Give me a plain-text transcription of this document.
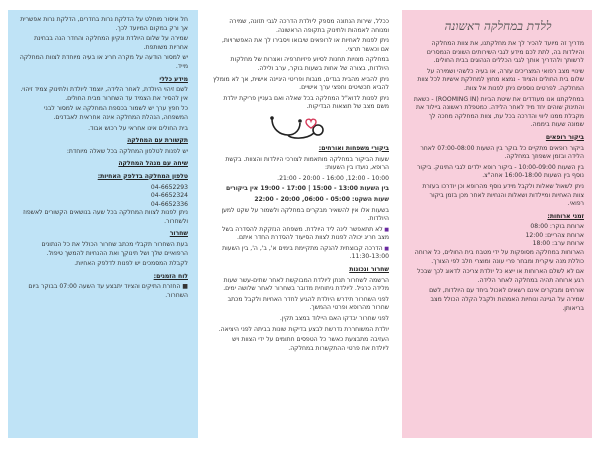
חל איסור מוחלט על הדלקת נרות בחדרים, הדלקת נרות אפשרית אך ורק במקום המיועד לכך.

שמירה על שלום היולדת ונקיון המחלקה והחדר הנה בבחינת אחריות משותפת.

יש למסור הודעה על מקרה חריג או בעיה מיוחדת לצוות המחלקה מייד.

מידע כללי

לשם זיהוי היולדת, לאחר הלידה, יוצמד ליולדת ולתינוק צמיד זיהוי. אין להסיר את הצמיד עד השחרור מבית החולים.

כל חפץ ערך יש לשמור בכספת המחלקה או למסור לבני המשפחה, הנהלת המחלקה אינה אחראית לאבדנים.

בית החולים אינו אחראי על רכוש אבוד.

תקשורת עם המחלקה

יש לפנות לטלפון המחלקה בכל שאלה מיוחדת:

שיחה עם מנהל המחלקה

טלפון המחלקה בדלפק האחיות:

04-6652293

04-6652324

04-6652336

ניתן לפנות לצוות המחלקה בכל שעה בנושאים הקשורים לאשפוז ולשחרור.

שחרור

בעת השחרור תקבלי מכתב שחרור הכולל את כל הנתונים הרפואיים שלך ושל תינוקך ואת ההנחיות להמשך טיפול.

לקבלת המסמכים יש לפנות לדלפק האחיות.

לוח הזמנים:

■ החזרת התיקים והציוד יתבצע עד השעה 07:00 בבוקר ביום השחרור.

ככלל, שירות הנתונה מספק ליולדת הדרכה לגבי תזונה, שמירה ומנוחה לאמהות ולתינוק בתקופה הראשונה.

ניתן לפנות לאחיות או לרופאים שיבואו ויסבירו לך את האפשרויות, אם וכאשר תרצי.

במחלקה מצויות תחנות לסיוע פיזיותרפיה ואצרות של מחלקות היולדות, בצורה של אחות בשעות בוקר, ערב ולילה.

ניתן להביא מהבית בגדים, מגבות ופריטי היגיינה אישית, אך לא מומלץ להביא תכשיטים וחפצי ערך אישיים.

ניתן לפנות לדוא"ל המחלקה בכל שאלה ואם בעניין פריקת יולדת משם מצב של תוצאות הבדיקות.

ביקורי משפחות ואורחים:

שעות הביקור במחלקה מותאמות לצורכי היולדות והצוות. בקשת הרופא, נועדו בין השעות:

10:00 - 12:00, 16:00 - 20:00 - 21:00.

בין השעות 13:00 - 15:00 | 17:00 - 19:00 אין ביקורים

שעות השקט: 05:00 - 06:00, 20:00 - 22:00

בשעות אלו אין להשאיר מבקרים במחלקה ולשמור על שקט למען היולדות.

■ לא תתאפשר לינה ליד היולדת. משפחה הנזקקת להסדרה בשל מצב חריג יכולה לפנות לצוות הסיעוד להסדרת החדר איתם.

■ הדרכה קבוצתית להנקה מתקיימת בימים א', ב', ה', בין השעות 11:30-13:00.

שחרור ונכונות

הרשמה לשחרור תנתן ליולדת המבוקשת לאחר שתים-עשר שעות מלידה כרגיל. ליולדת ניתוחית מדובר בשחרור לאחר שלושה ימים.

לפני השחרור תידרש היולדת להגיע לחדר האחיות ולקבל מכתב שחרור מהרופא ופרטי ההמשך.

לפני שחרור יבדקו האם היילוד במצב תקין.

יולדת המשוחררת נדרשת לבצע בדיקות שונות בביתה לפני היציאה.

העזיבה מתבצעת כאשר כל הטפסים חתומים על ידי הצוות ויש ליולדת את פרטי ההתקשרות במחלקה.

ללדת במחלקה ראשונה

מדריך זה מיועד להכיר לך את מחלקתנו, את צוות המחלקה והיולדות בה, לתת לכם מידע לגבי השירותים השונים הנמסרים לרשותך ולהדריך אותך לגבי הכללים הנהוגים בבית החולים.

שינויי מצב רפואי המצריכים עזרה, או בעיה כלשהי ושמירה על שלום בית החולים והציוד - נמצא מחוץ למחלקת אישיות לכל צוות המחלקה. לפרטים נוספים ניתן לפנות אל צוות.

במחלקתנו אנו מעודדים את שיטת הביות (ROOMING IN) - כשאת והתינוק שוהים יחד מיד לאחר הלידה. כמטפלת ראשונה ביילוד את מקבלת ממנו ליווי והדרכה בכל עת, צוות המחלקה מחכה לך שמונה שעות ביממה.

ביקור רופאים

ביקור רופאים מתקיים כל בוקר בין השעות 07:00-08:00 לאחר הלידה ובזמן אשפוזך במחלקה.

בין השעות 10:00-09:00 - ביקור רופא ילדים לגבי התינוק. ביקור נוסף בין השעות 16:00-18:00 אחה"צ.

ניתן לשאול שאלות ולקבל מידע נוסף מהרופא וכן יודרכו בעזרת צוות האחיות ומיילדות ושאלות והנחיות לאחר מכן בזמן ביקור רפואי.

זמני ארוחות:

ארוחת בוקר: 08:00

ארוחת צהריים: 12:00

ארוחת ערב: 18:00

הארוחות במחלקה מסופקות על ידי מטבח בית החולים, כל ארוחה כוללת מנה עיקרית ומבחר פרי עונה ומוצרי חלב לפי הצורך.

אם לא לשלם הארוחות או ייצא כל יולדת צריכה לדאוג לכך שבכל רגע ארוחה תהיה במחלקה לאחר הלידה.

אורחים ומבקרים אינם רשאים לאכול ביחד עם היולדות, לשם שמירה על הגיינה ונוחיות האמהות ולקבל הקלה הכולל מצב בריאותן.
